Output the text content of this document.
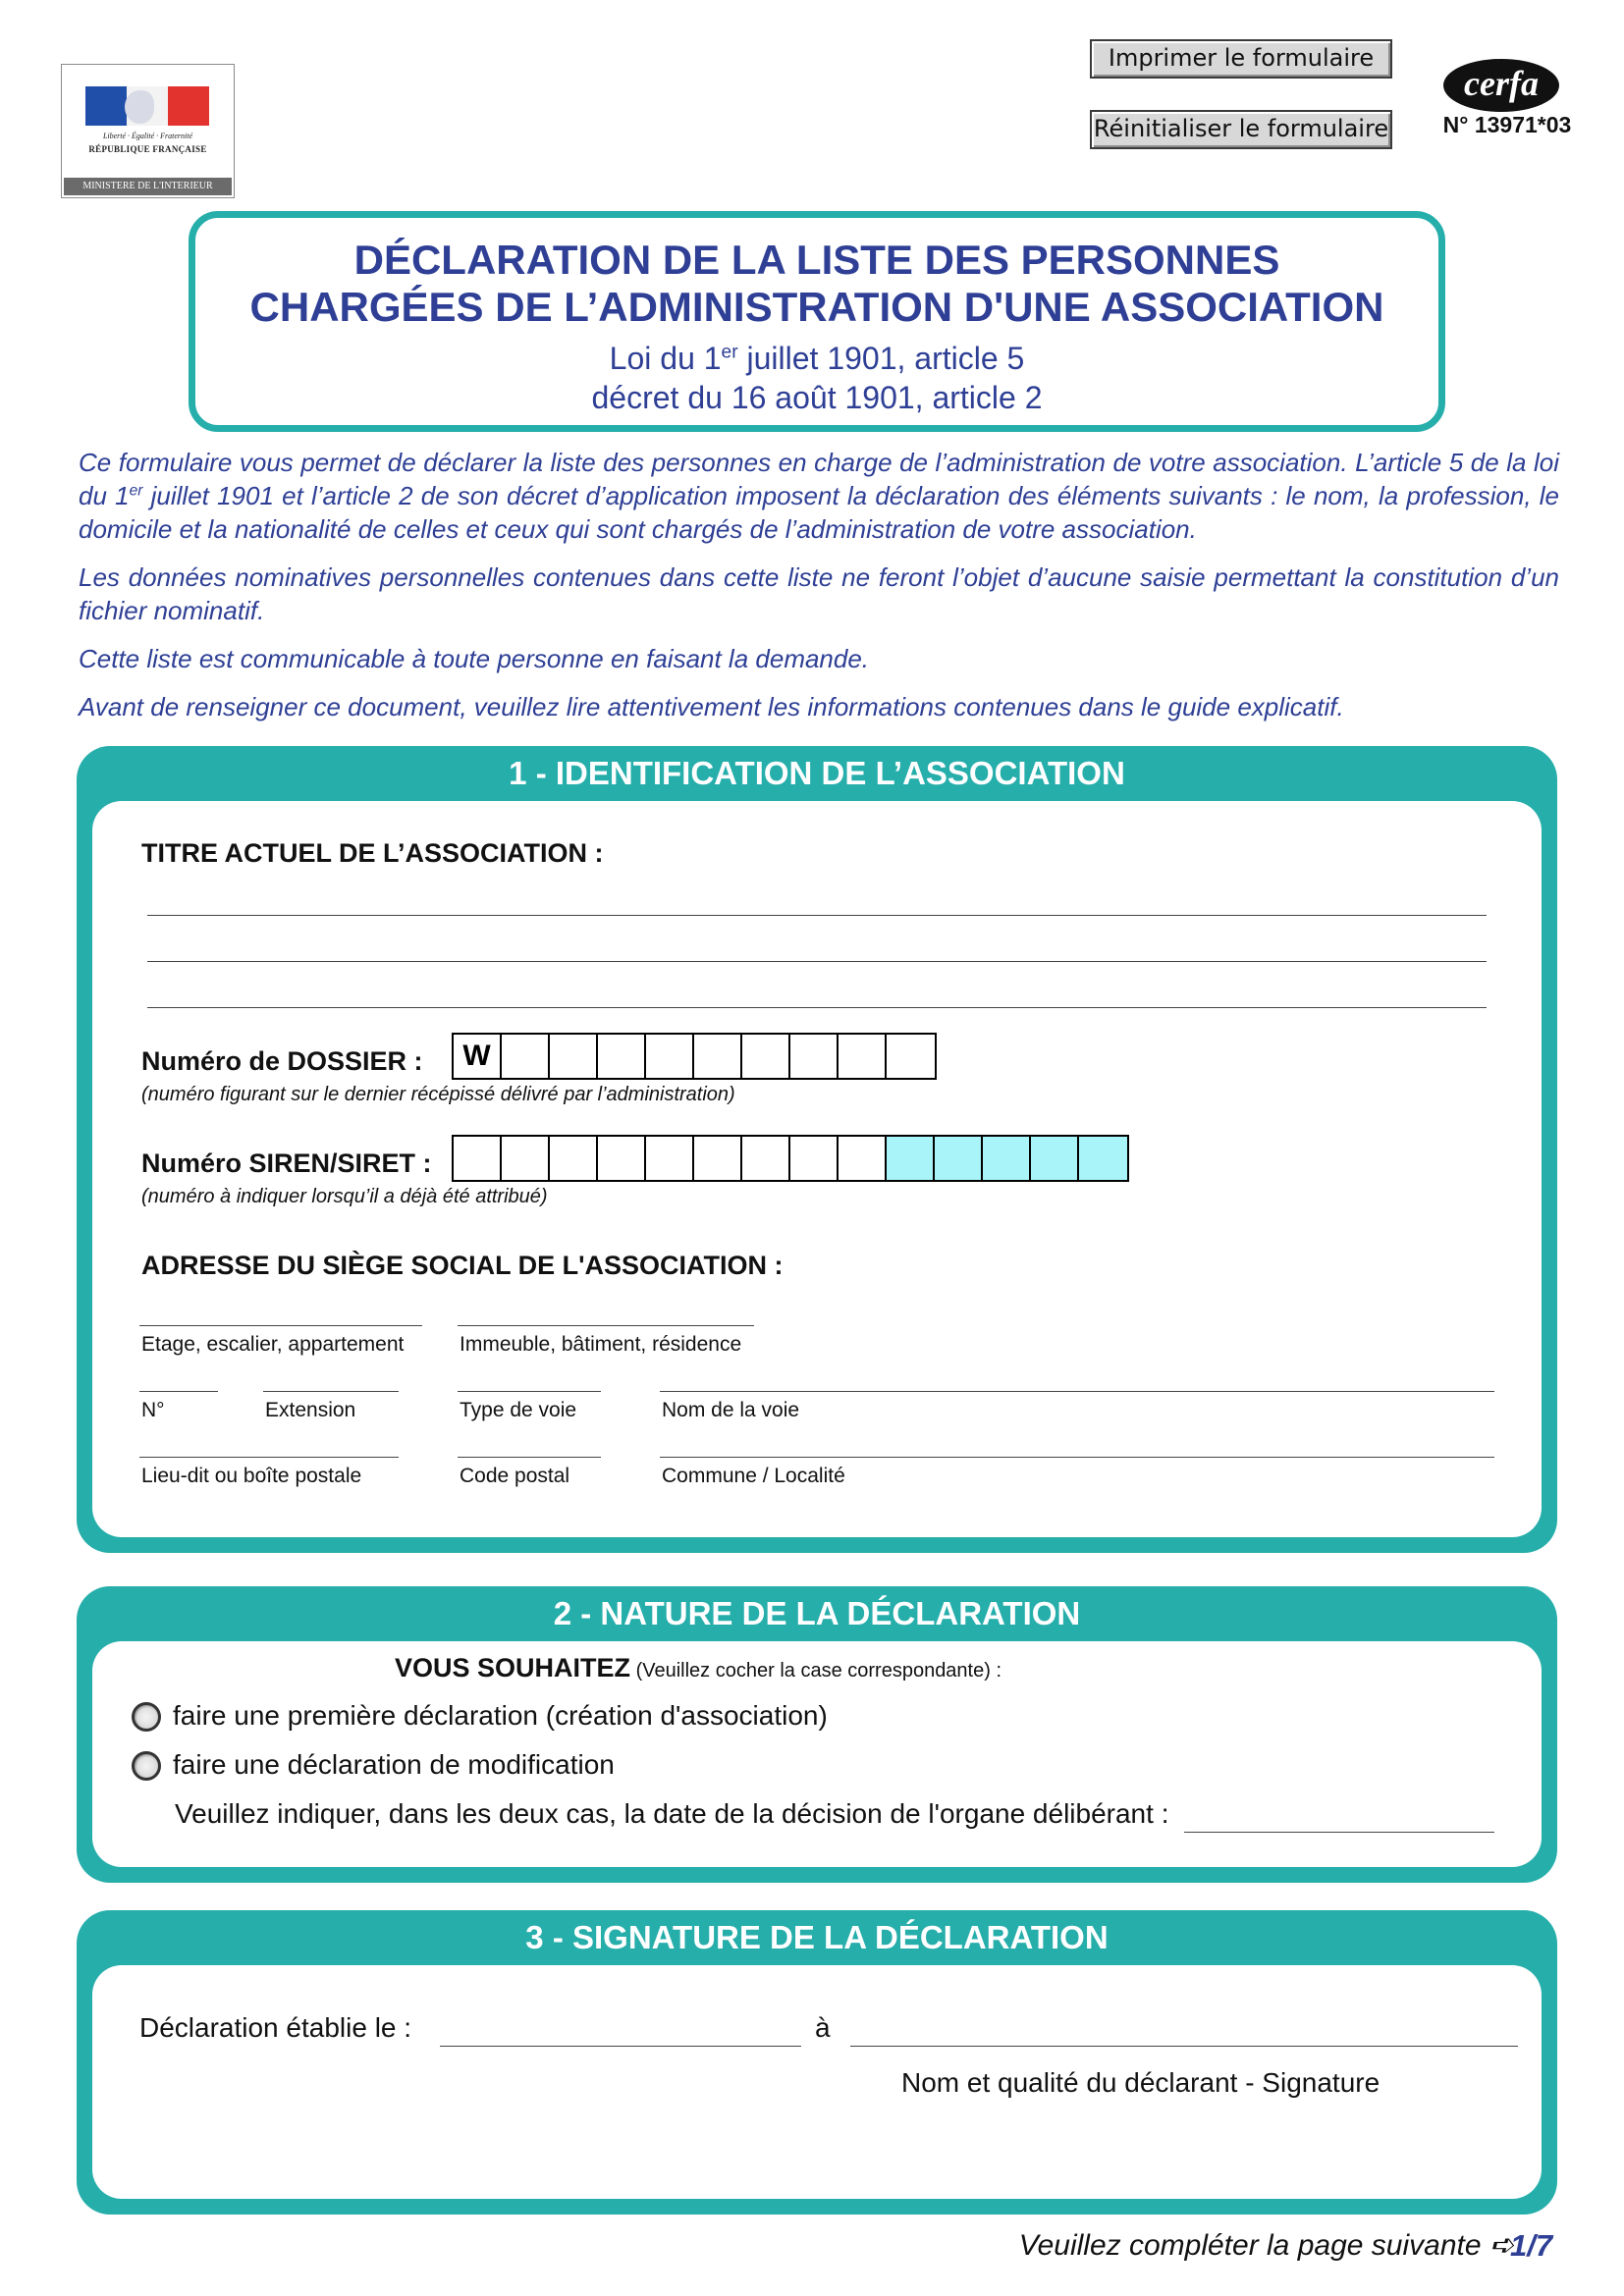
Liberté · Égalité · Fraternité
RÉPUBLIQUE FRANÇAISE
MINISTERE DE L'INTERIEUR
Imprimer le formulaire
Réinitialiser le formulaire
cerfa
N° 13971*03
DÉCLARATION DE LA LISTE DES PERSONNES
CHARGÉES DE L’ADMINISTRATION D'UNE ASSOCIATION
Loi du 1er juillet 1901, article 5
décret du 16 août 1901, article 2

Ce formulaire vous permet de déclarer la liste des personnes en charge de l’administration de votre association. L’article 5 de la loi du 1er juillet 1901 et l’article 2 de son décret d’application imposent la déclaration des éléments suivants : le nom, la profession, le domicile et la nationalité de celles et ceux qui sont chargés de l’administration de votre association.

Les données nominatives personnelles contenues dans cette liste ne feront l’objet d’aucune saisie permettant la constitution d’un fichier nominatif.

Cette liste est communicable à toute personne en faisant la demande.

Avant de renseigner ce document, veuillez lire attentivement les informations contenues dans le guide explicatif.

1 - IDENTIFICATION DE L’ASSOCIATION
TITRE ACTUEL DE L’ASSOCIATION :
Numéro de DOSSIER :	W
(numéro figurant sur le dernier récépissé délivré par l’administration)
Numéro SIREN/SIRET :
(numéro à indiquer lorsqu’il a déjà été attribué)
ADRESSE DU SIÈGE SOCIAL DE L'ASSOCIATION :
Etage, escalier, appartement	Immeuble, bâtiment, résidence
N°	Extension	Type de voie	Nom de la voie
Lieu-dit ou boîte postale	Code postal	Commune / Localité
2 - NATURE DE LA DÉCLARATION
VOUS SOUHAITEZ (Veuillez cocher la case correspondante) :
faire une première déclaration (création d'association)
faire une déclaration de modification
Veuillez indiquer, dans les deux cas, la date de la décision de l'organe délibérant :
3 - SIGNATURE DE LA DÉCLARATION
Déclaration établie le :	à
Nom et qualité du déclarant - Signature
Veuillez compléter la page suivante ➪
1/7
